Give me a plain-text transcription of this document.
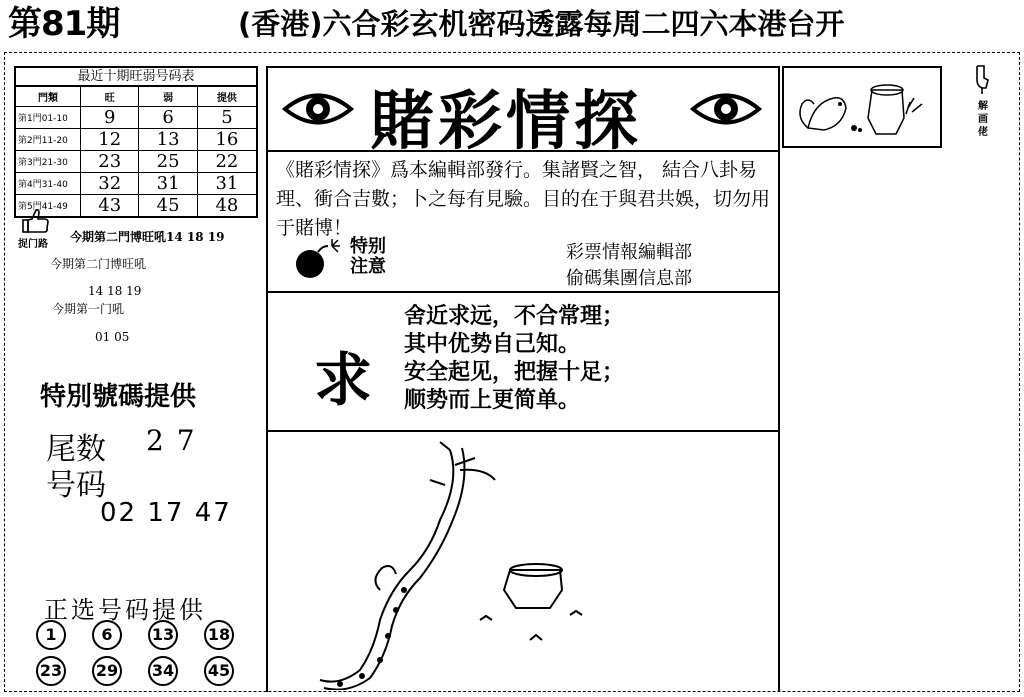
第81期	(香港)六合彩玄机密码透露每周二四六本港台开
最近十期旺弱号码表
門類	旺	弱	提供
第1門01-10	9	6	5
第2門11-20	12	13	16
第3門21-30	23	25	22
第4門31-40	32	31	31
第5門41-49	43	45	48
捉门路
今期第二門博旺吼14 18 19
今期第二门博旺吼
14 18 19
今期第一门吼
01 05
特別號碼提供
尾数 2 7
号码
02 17 47
正选号码提供
1	6	13 18
23 29 34 45
賭彩情探
《賭彩情探》爲本編輯部發行。集諸賢之智， 結合八卦易理、衝合吉數；卜之每有見驗。目的在于與君共娛，切勿用于賭博！
特别
注意
彩票情報編輯部
偷碼集團信息部
求
舍近求远，不合常理；
其中优势自己知。
安全起见，把握十足；
顺势而上更简单。
解画佬
